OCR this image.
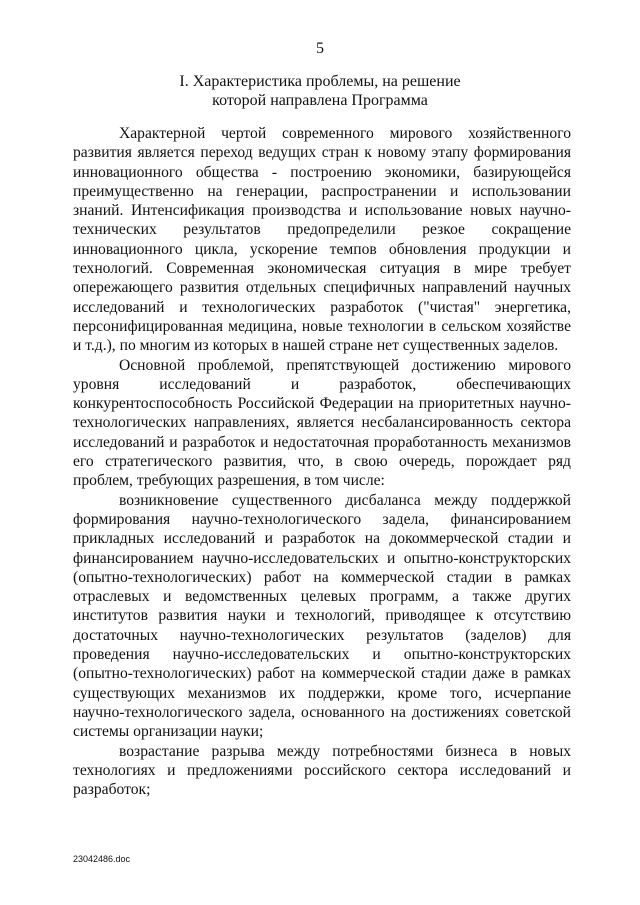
5
I. Характеристика проблемы, на решение
которой направлена Программа

Характерной чертой современного мирового хозяйственного развития является переход ведущих стран к новому этапу формирования инновационного общества - построению экономики, базирующейся преимущественно на генерации, распространении и использовании знаний. Интенсификация производства и использование новых научно-технических результатов предопределили резкое сокращение инновационного цикла, ускорение темпов обновления продукции и технологий. Современная экономическая ситуация в мире требует опережающего развития отдельных специфичных направлений научных исследований и технологических разработок ("чистая" энергетика, персонифицированная медицина, новые технологии в сельском хозяйстве и т.д.), по многим из которых в нашей стране нет существенных заделов.

Основной проблемой, препятствующей достижению мирового уровня исследований и разработок, обеспечивающих конкурентоспособность Российской Федерации на приоритетных научно-технологических направлениях, является несбалансированность сектора исследований и разработок и недостаточная проработанность механизмов его стратегического развития, что, в свою очередь, порождает ряд проблем, требующих разрешения, в том числе:

возникновение существенного дисбаланса между поддержкой формирования научно-технологического задела, финансированием прикладных исследований и разработок на докоммерческой стадии и финансированием научно-исследовательских и опытно-конструкторских (опытно-технологических) работ на коммерческой стадии в рамках отраслевых и ведомственных целевых программ, а также других институтов развития науки и технологий, приводящее к отсутствию достаточных научно-технологических результатов (заделов) для проведения научно-исследовательских и опытно-конструкторских (опытно-технологических) работ на коммерческой стадии даже в рамках существующих механизмов их поддержки, кроме того, исчерпание научно-технологического задела, основанного на достижениях советской системы организации науки;

возрастание разрыва между потребностями бизнеса в новых технологиях и предложениями российского сектора исследований и разработок;

23042486.doc
